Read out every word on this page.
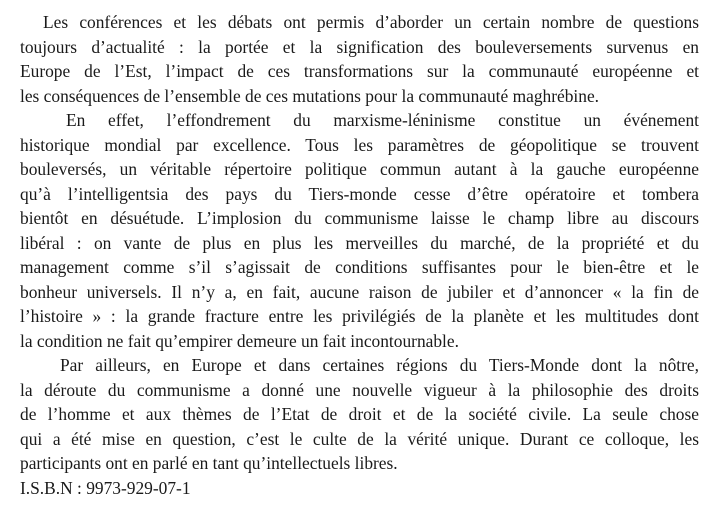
Les conférences et les débats ont permis d’aborder un certain nombre de questions
toujours d’actualité : la portée et la signification des bouleversements survenus en
Europe de l’Est, l’impact de ces transformations sur la communauté européenne et
les conséquences de l’ensemble de ces mutations pour la communauté maghrébine.
En effet, l’effondrement du marxisme-léninisme constitue un événement
historique mondial par excellence. Tous les paramètres de géopolitique se trouvent
bouleversés, un véritable répertoire politique commun autant à la gauche européenne
qu’à l’intelligentsia des pays du Tiers-monde cesse d’être opératoire et tombera
bientôt en désuétude. L’implosion du communisme laisse le champ libre au discours
libéral : on vante de plus en plus les merveilles du marché, de la propriété et du
management comme s’il s’agissait de conditions suffisantes pour le bien-être et le
bonheur universels. Il n’y a, en fait, aucune raison de jubiler et d’annoncer « la fin de
l’histoire » : la grande fracture entre les privilégiés de la planète et les multitudes dont
la condition ne fait qu’empirer demeure un fait incontournable.
Par ailleurs, en Europe et dans certaines régions du Tiers-Monde dont la nôtre,
la déroute du communisme a donné une nouvelle vigueur à la philosophie des droits
de l’homme et aux thèmes de l’Etat de droit et de la société civile. La seule chose
qui a été mise en question, c’est le culte de la vérité unique. Durant ce colloque, les
participants ont en parlé en tant qu’intellectuels libres.

I.S.B.N : 9973-929-07-1
